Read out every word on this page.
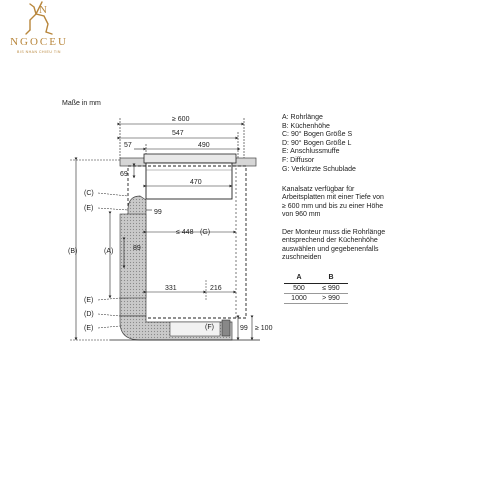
N
NGOCEU
BIS NHAN CHIEU TIN
Maße in mm
≥ 600
547
57	490
470
≤ 448 (G)
99
89
331	216
(F)	99 ≥ 100
69
(B)	(A)
(C)
(E)
(E)
(D)
(E)
A: Rohrlänge
B: Küchenhöhe
C: 90° Bogen Größe S
D: 90° Bogen Größe L
E: Anschlussmuffe
F: Diffusor
G: Verkürzte Schublade
Kanalsatz verfügbar für
Arbeitsplatten mit einer Tiefe von
≥ 600 mm und bis zu einer Höhe
von 960 mm
Der Monteur muss die Rohrlänge
entsprechend der Küchenhöhe
auswählen und gegebenenfalls
zuschneiden
A	B
500	≤ 990
1000	> 990
